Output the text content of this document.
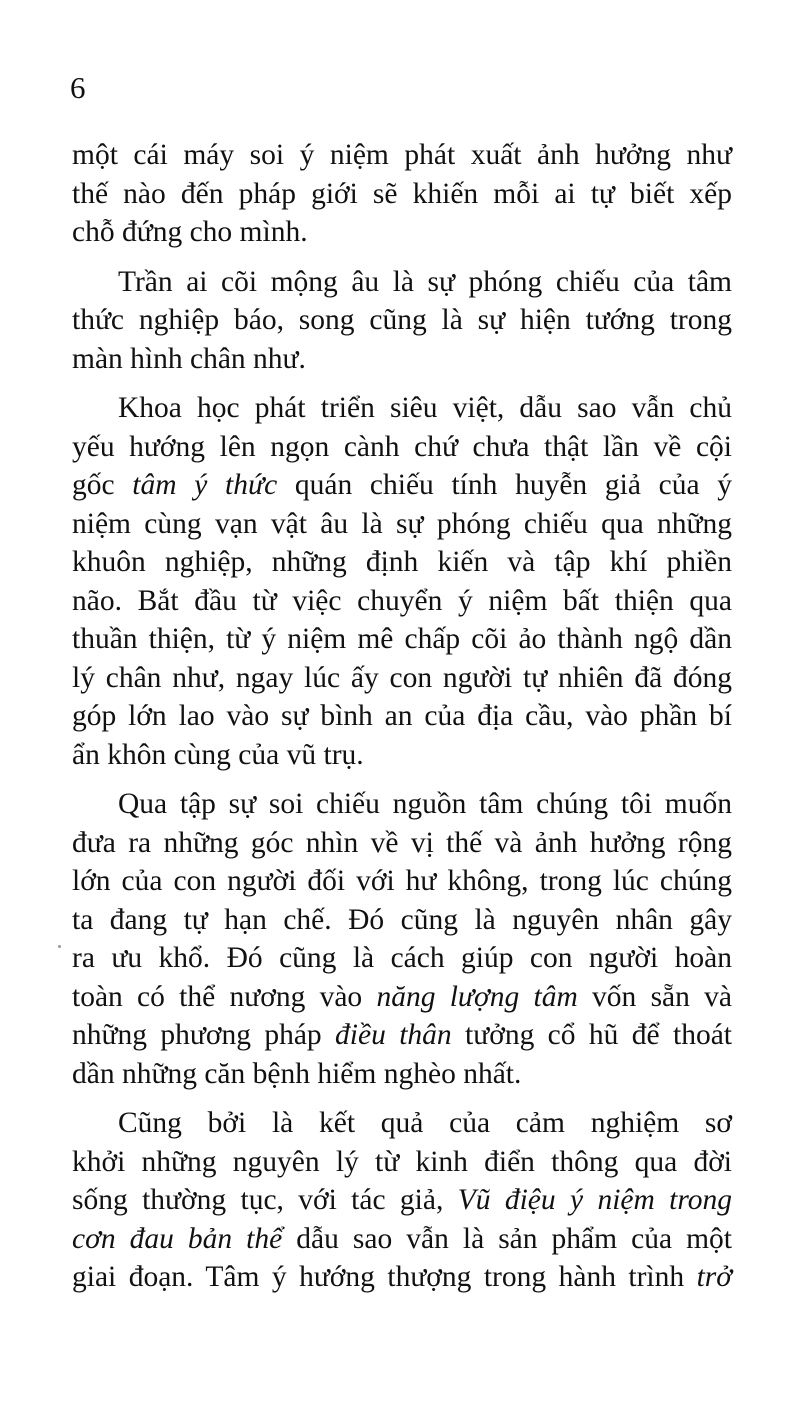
6
một cái máy soi ý niệm phát xuất ảnh hưởng như
thế nào đến pháp giới sẽ khiến mỗi ai tự biết xếp
chỗ đứng cho mình.
Trần ai cõi mộng âu là sự phóng chiếu của tâm
thức nghiệp báo, song cũng là sự hiện tướng trong
màn hình chân như.
Khoa học phát triển siêu việt, dẫu sao vẫn chủ
yếu hướng lên ngọn cành chứ chưa thật lần về cội
gốc tâm ý thức quán chiếu tính huyễn giả của ý
niệm cùng vạn vật âu là sự phóng chiếu qua những
khuôn nghiệp, những định kiến và tập khí phiền
não. Bắt đầu từ việc chuyển ý niệm bất thiện qua
thuần thiện, từ ý niệm mê chấp cõi ảo thành ngộ dần
lý chân như, ngay lúc ấy con người tự nhiên đã đóng
góp lớn lao vào sự bình an của địa cầu, vào phần bí
ẩn khôn cùng của vũ trụ.
Qua tập sự soi chiếu nguồn tâm chúng tôi muốn
đưa ra những góc nhìn về vị thế và ảnh hưởng rộng
lớn của con người đối với hư không, trong lúc chúng
ta đang tự hạn chế. Đó cũng là nguyên nhân gây
ra ưu khổ. Đó cũng là cách giúp con người hoàn
toàn có thể nương vào năng lượng tâm vốn sẵn và
những phương pháp điều thân tưởng cổ hũ để thoát
dần những căn bệnh hiểm nghèo nhất.
Cũng bởi là kết quả của cảm nghiệm sơ
khởi những nguyên lý từ kinh điển thông qua đời
sống thường tục, với tác giả, Vũ điệu ý niệm trong
cơn đau bản thể dẫu sao vẫn là sản phẩm của một
giai đoạn. Tâm ý hướng thượng trong hành trình trở
